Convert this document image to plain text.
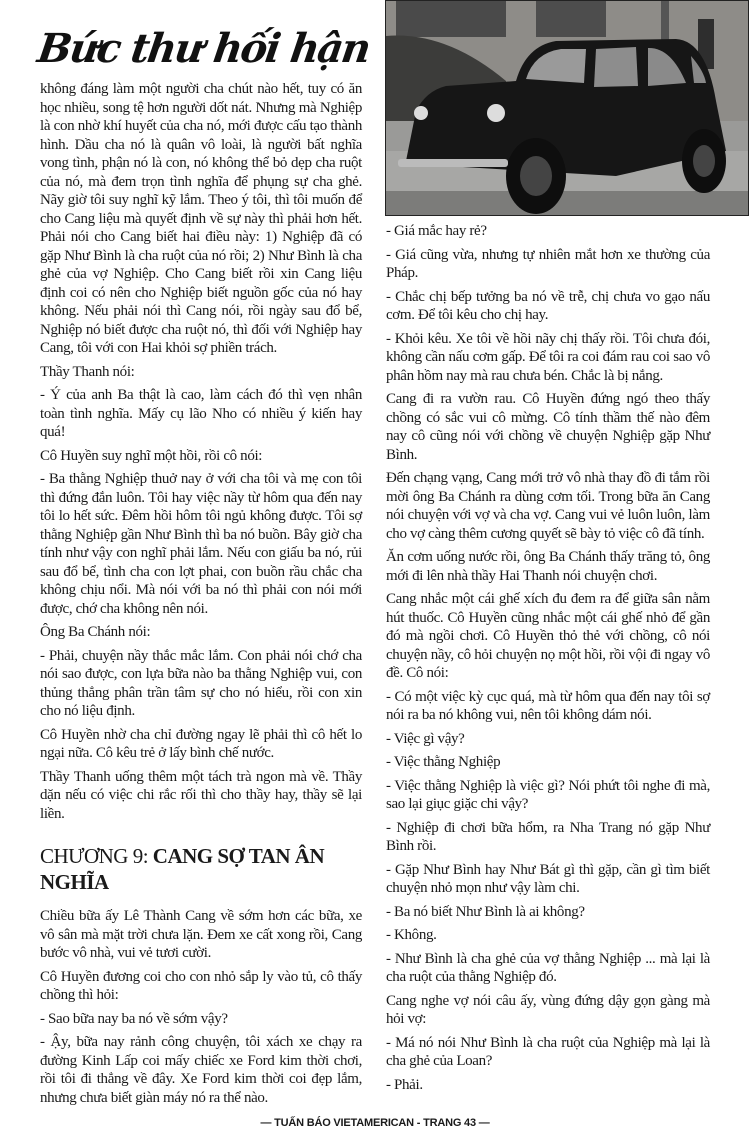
Bức thư hối hận

không đáng làm một người cha chút nào hết, tuy có ăn học nhiều, song tệ hơn người dốt nát. Nhưng mà Nghiệp là con nhờ khí huyết của cha nó, mới được cấu tạo thành hình. Dầu cha nó là quân vô loài, là người bất nghĩa vong tình, phận nó là con, nó không thể bỏ dẹp cha ruột của nó, mà đem trọn tình nghĩa để phụng sự cha ghẻ. Nãy giờ tôi suy nghĩ kỹ lắm. Theo ý tôi, thì tôi muốn để cho Cang liệu mà quyết định về sự này thì phải hơn hết. Phải nói cho Cang biết hai điều này: 1) Nghiệp đã có gặp Như Bình là cha ruột của nó rồi; 2) Như Bình là cha ghẻ của vợ Nghiệp. Cho Cang biết rồi xin Cang liệu định coi có nên cho Nghiệp biết nguồn gốc của nó hay không. Nếu phải nói thì Cang nói, rồi ngày sau đổ bể, Nghiệp nó biết được cha ruột nó, thì đối với Nghiệp hay Cang, tôi với con Hai khỏi sợ phiền trách.

Thầy Thanh nói:

- Ý của anh Ba thật là cao, làm cách đó thì vẹn nhân toàn tình nghĩa. Mấy cụ lão Nho có nhiều ý kiến hay quá!

Cô Huyền suy nghĩ một hồi, rồi cô nói:

- Ba thằng Nghiệp thuở nay ở với cha tôi và mẹ con tôi thì đứng đắn luôn. Tôi hay việc nầy từ hôm qua đến nay tôi lo hết sức. Đêm hồi hôm tôi ngủ không được. Tôi sợ thằng Nghiệp gần Như Bình thì ba nó buồn. Bây giờ cha tính như vậy con nghĩ phải lắm. Nếu con giấu ba nó, rủi sau đổ bể, tình cha con lợt phai, con buồn rầu chắc cha không chịu nổi. Mà nói với ba nó thì phải con nói mới được, chớ cha không nên nói.

Ông Ba Chánh nói:

- Phải, chuyện nầy thắc mắc lắm. Con phải nói chớ cha nói sao được, con lựa bữa nào ba thằng Nghiệp vui, con thủng thẳng phân trần tâm sự cho nó hiểu, rồi con xin cho nó liệu định.

Cô Huyền nhờ cha chỉ đường ngay lẽ phải thì cô hết lo ngại nữa. Cô kêu trẻ ở lấy bình chế nước.

Thầy Thanh uống thêm một tách trà ngon mà về. Thầy dặn nếu có việc chi rắc rối thì cho thầy hay, thầy sẽ lại liền.

CHƯƠNG 9: CANG SỢ TAN ÂN NGHĨA

Chiều bữa ấy Lê Thành Cang về sớm hơn các bữa, xe vô sân mà mặt trời chưa lặn. Đem xe cất xong rồi, Cang bước vô nhà, vui vẻ tươi cười.

Cô Huyền đương coi cho con nhỏ sắp ly vào tủ, cô thấy chồng thì hỏi:

- Sao bữa nay ba nó về sớm vậy?

- Ậy, bữa nay rảnh công chuyện, tôi xách xe chạy ra đường Kinh Lấp coi mấy chiếc xe Ford kim thời chơi, rồi tôi đi thẳng về đây. Xe Ford kim thời coi đẹp lắm, nhưng chưa biết giàn máy nó ra thể nào.

- Giá mắc hay rẻ?

- Giá cũng vừa, nhưng tự nhiên mắt hơn xe thường của Pháp.

- Chắc chị bếp tưởng ba nó về trễ, chị chưa vo gạo nấu cơm. Để tôi kêu cho chị hay.

- Khỏi kêu. Xe tôi về hồi nãy chị thấy rồi. Tôi chưa đói, không cần nấu cơm gấp. Để tôi ra coi đám rau coi sao vô phân hồm nay mà rau chưa bén. Chắc là bị nắng.

Cang đi ra vườn rau. Cô Huyền đứng ngó theo thấy chồng có sắc vui cô mừng. Cô tính thầm thế nào đêm nay cô cũng nói với chồng về chuyện Nghiệp gặp Như Bình.

Đến chạng vạng, Cang mới trở vô nhà thay đồ đi tắm rồi mời ông Ba Chánh ra dùng cơm tối. Trong bữa ăn Cang nói chuyện với vợ và cha vợ. Cang vui vẻ luôn luôn, làm cho vợ càng thêm cương quyết sẽ bày tỏ việc cô đã tính.

Ăn cơm uống nước rồi, ông Ba Chánh thấy trăng tỏ, ông mới đi lên nhà thầy Hai Thanh nói chuyện chơi.

Cang nhắc một cái ghế xích đu đem ra để giữa sân nằm hút thuốc. Cô Huyền cũng nhắc một cái ghế nhỏ để gần đó mà ngồi chơi. Cô Huyền thỏ thẻ với chồng, cô nói chuyện nầy, cô hỏi chuyện nọ một hồi, rồi vội đi ngay vô đề. Cô nói:

- Có một việc kỳ cục quá, mà từ hôm qua đến nay tôi sợ nói ra ba nó không vui, nên tôi không dám nói.

- Việc gì vậy?

- Việc thằng Nghiệp

- Việc thằng Nghiệp là việc gì? Nói phứt tôi nghe đi mà, sao lại giục giặc chi vậy?

- Nghiệp đi chơi bữa hổm, ra Nha Trang nó gặp Như Bình rồi.

- Gặp Như Bình hay Như Bát gì thì gặp, cần gì tìm biết chuyện nhỏ mọn như vậy làm chi.

- Ba nó biết Như Bình là ai không?

- Không.

- Như Bình là cha ghẻ của vợ thằng Nghiệp ... mà lại là cha ruột của thằng Nghiệp đó.

Cang nghe vợ nói câu ấy, vùng đứng dậy gọn gàng mà hỏi vợ:

- Má nó nói Như Bình là cha ruột của Nghiệp mà lại là cha ghẻ của Loan?

- Phải.

— TUẤN BÁO VIETAMERICAN - TRANG 43 —
